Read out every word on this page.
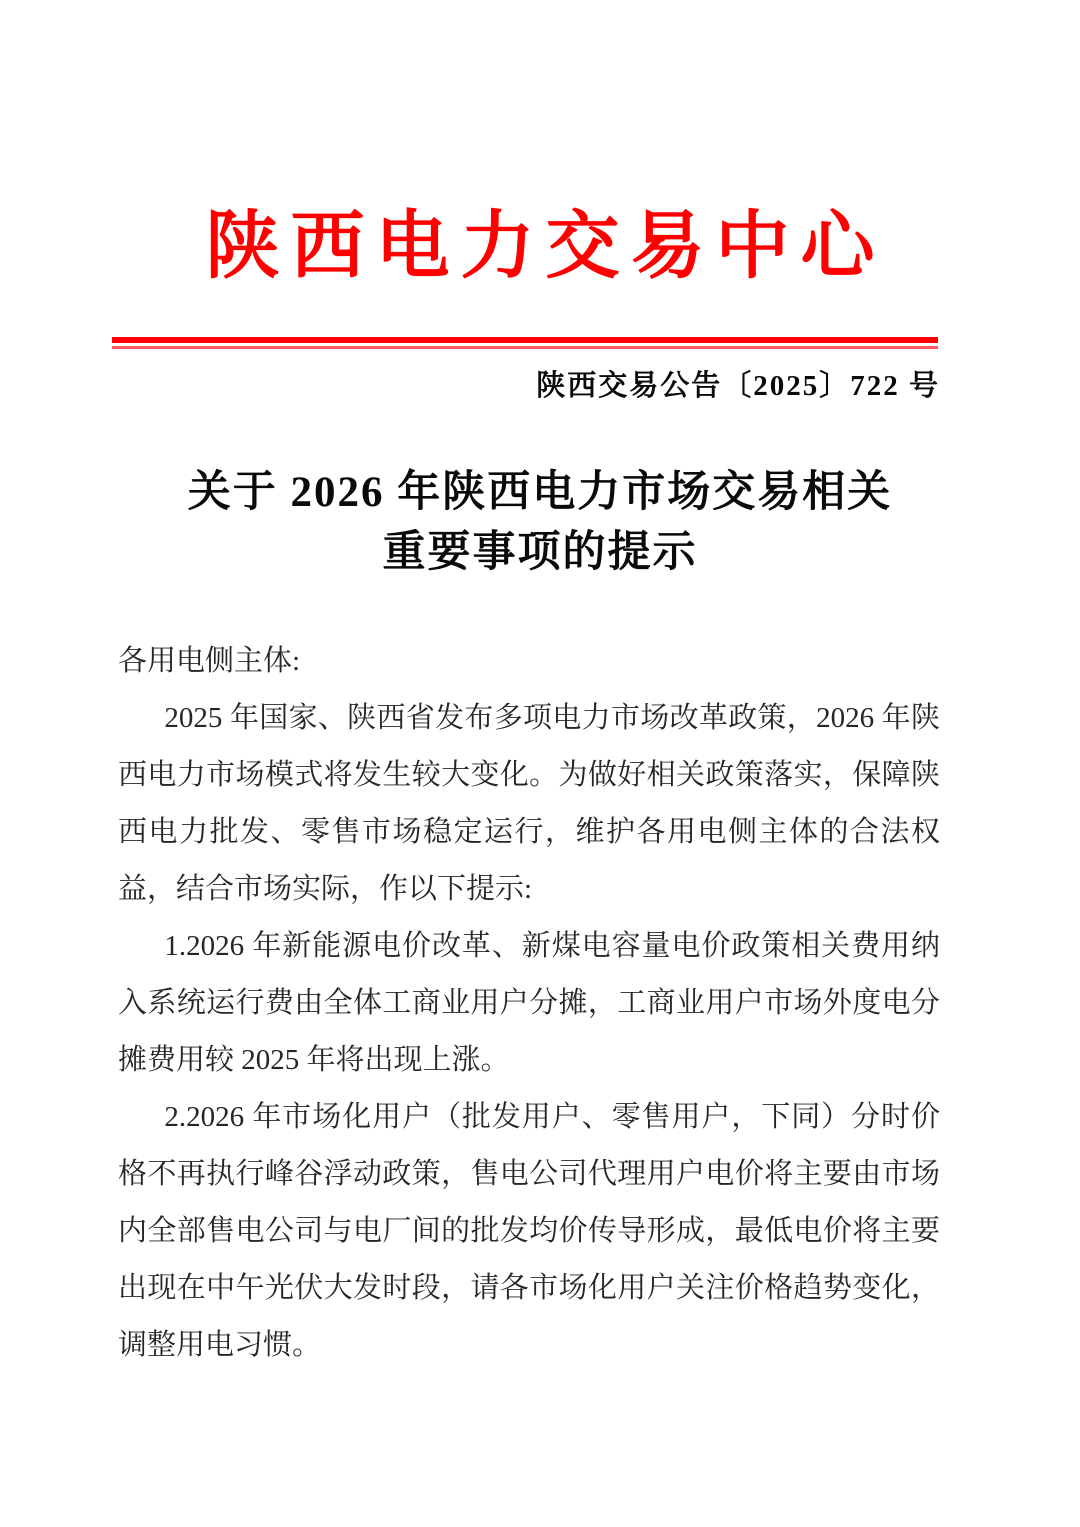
陕西电力交易中心
陕西交易公告〔2025〕722 号
关于 2026 年陕西电力市场交易相关
重要事项的提示

各用电侧主体:

2025 年国家、陕西省发布多项电力市场改革政策，2026 年陕西电力市场模式将发生较大变化。为做好相关政策落实，保障陕西电力批发、零售市场稳定运行，维护各用电侧主体的合法权益，结合市场实际，作以下提示:

1.2026 年新能源电价改革、新煤电容量电价政策相关费用纳入系统运行费由全体工商业用户分摊，工商业用户市场外度电分摊费用较 2025 年将出现上涨。

2.2026 年市场化用户（批发用户、零售用户，下同）分时价格不再执行峰谷浮动政策，售电公司代理用户电价将主要由市场内全部售电公司与电厂间的批发均价传导形成，最低电价将主要出现在中午光伏大发时段，请各市场化用户关注价格趋势变化，调整用电习惯。
